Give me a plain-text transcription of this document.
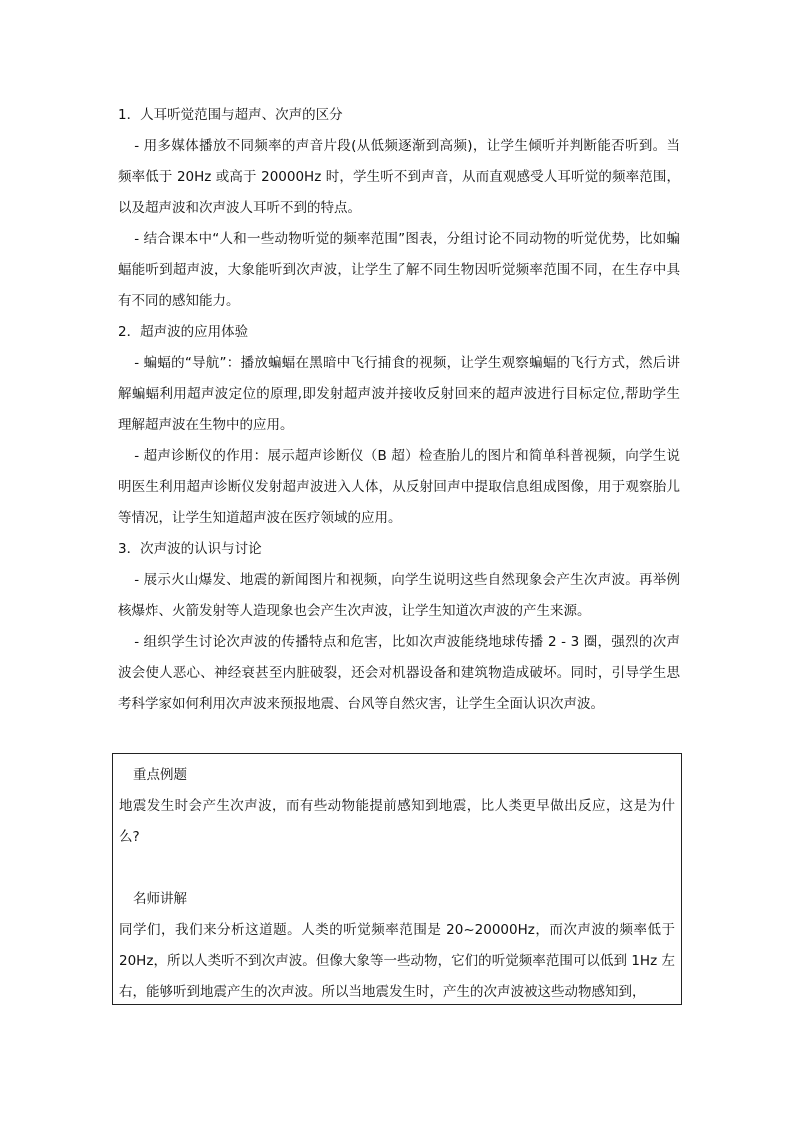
1．人耳听觉范围与超声、次声的区分

- 用多媒体播放不同频率的声音片段(从低频逐渐到高频)，让学生倾听并判断能否听到。当频率低于 20Hz 或高于 20000Hz 时，学生听不到声音，从而直观感受人耳听觉的频率范围，以及超声波和次声波人耳听不到的特点。

- 结合课本中“人和一些动物听觉的频率范围”图表，分组讨论不同动物的听觉优势，比如蝙蝠能听到超声波，大象能听到次声波，让学生了解不同生物因听觉频率范围不同，在生存中具有不同的感知能力。

2．超声波的应用体验

- 蝙蝠的“导航”：播放蝙蝠在黑暗中飞行捕食的视频，让学生观察蝙蝠的飞行方式，然后讲解蝙蝠利用超声波定位的原理,即发射超声波并接收反射回来的超声波进行目标定位,帮助学生理解超声波在生物中的应用。

- 超声诊断仪的作用：展示超声诊断仪（B 超）检查胎儿的图片和简单科普视频，向学生说明医生利用超声诊断仪发射超声波进入人体，从反射回声中提取信息组成图像，用于观察胎儿等情况，让学生知道超声波在医疗领域的应用。

3．次声波的认识与讨论

- 展示火山爆发、地震的新闻图片和视频，向学生说明这些自然现象会产生次声波。再举例核爆炸、火箭发射等人造现象也会产生次声波，让学生知道次声波的产生来源。

- 组织学生讨论次声波的传播特点和危害，比如次声波能绕地球传播 2 - 3 圈，强烈的次声波会使人恶心、神经衰甚至内脏破裂，还会对机器设备和建筑物造成破坏。同时，引导学生思考科学家如何利用次声波来预报地震、台风等自然灾害，让学生全面认识次声波。

重点例题

地震发生时会产生次声波，而有些动物能提前感知到地震，比人类更早做出反应，这是为什么?

名师讲解

同学们，我们来分析这道题。人类的听觉频率范围是 20~20000Hz，而次声波的频率低于 20Hz，所以人类听不到次声波。但像大象等一些动物，它们的听觉频率范围可以低到 1Hz 左右，能够听到地震产生的次声波。所以当地震发生时，产生的次声波被这些动物感知到，
